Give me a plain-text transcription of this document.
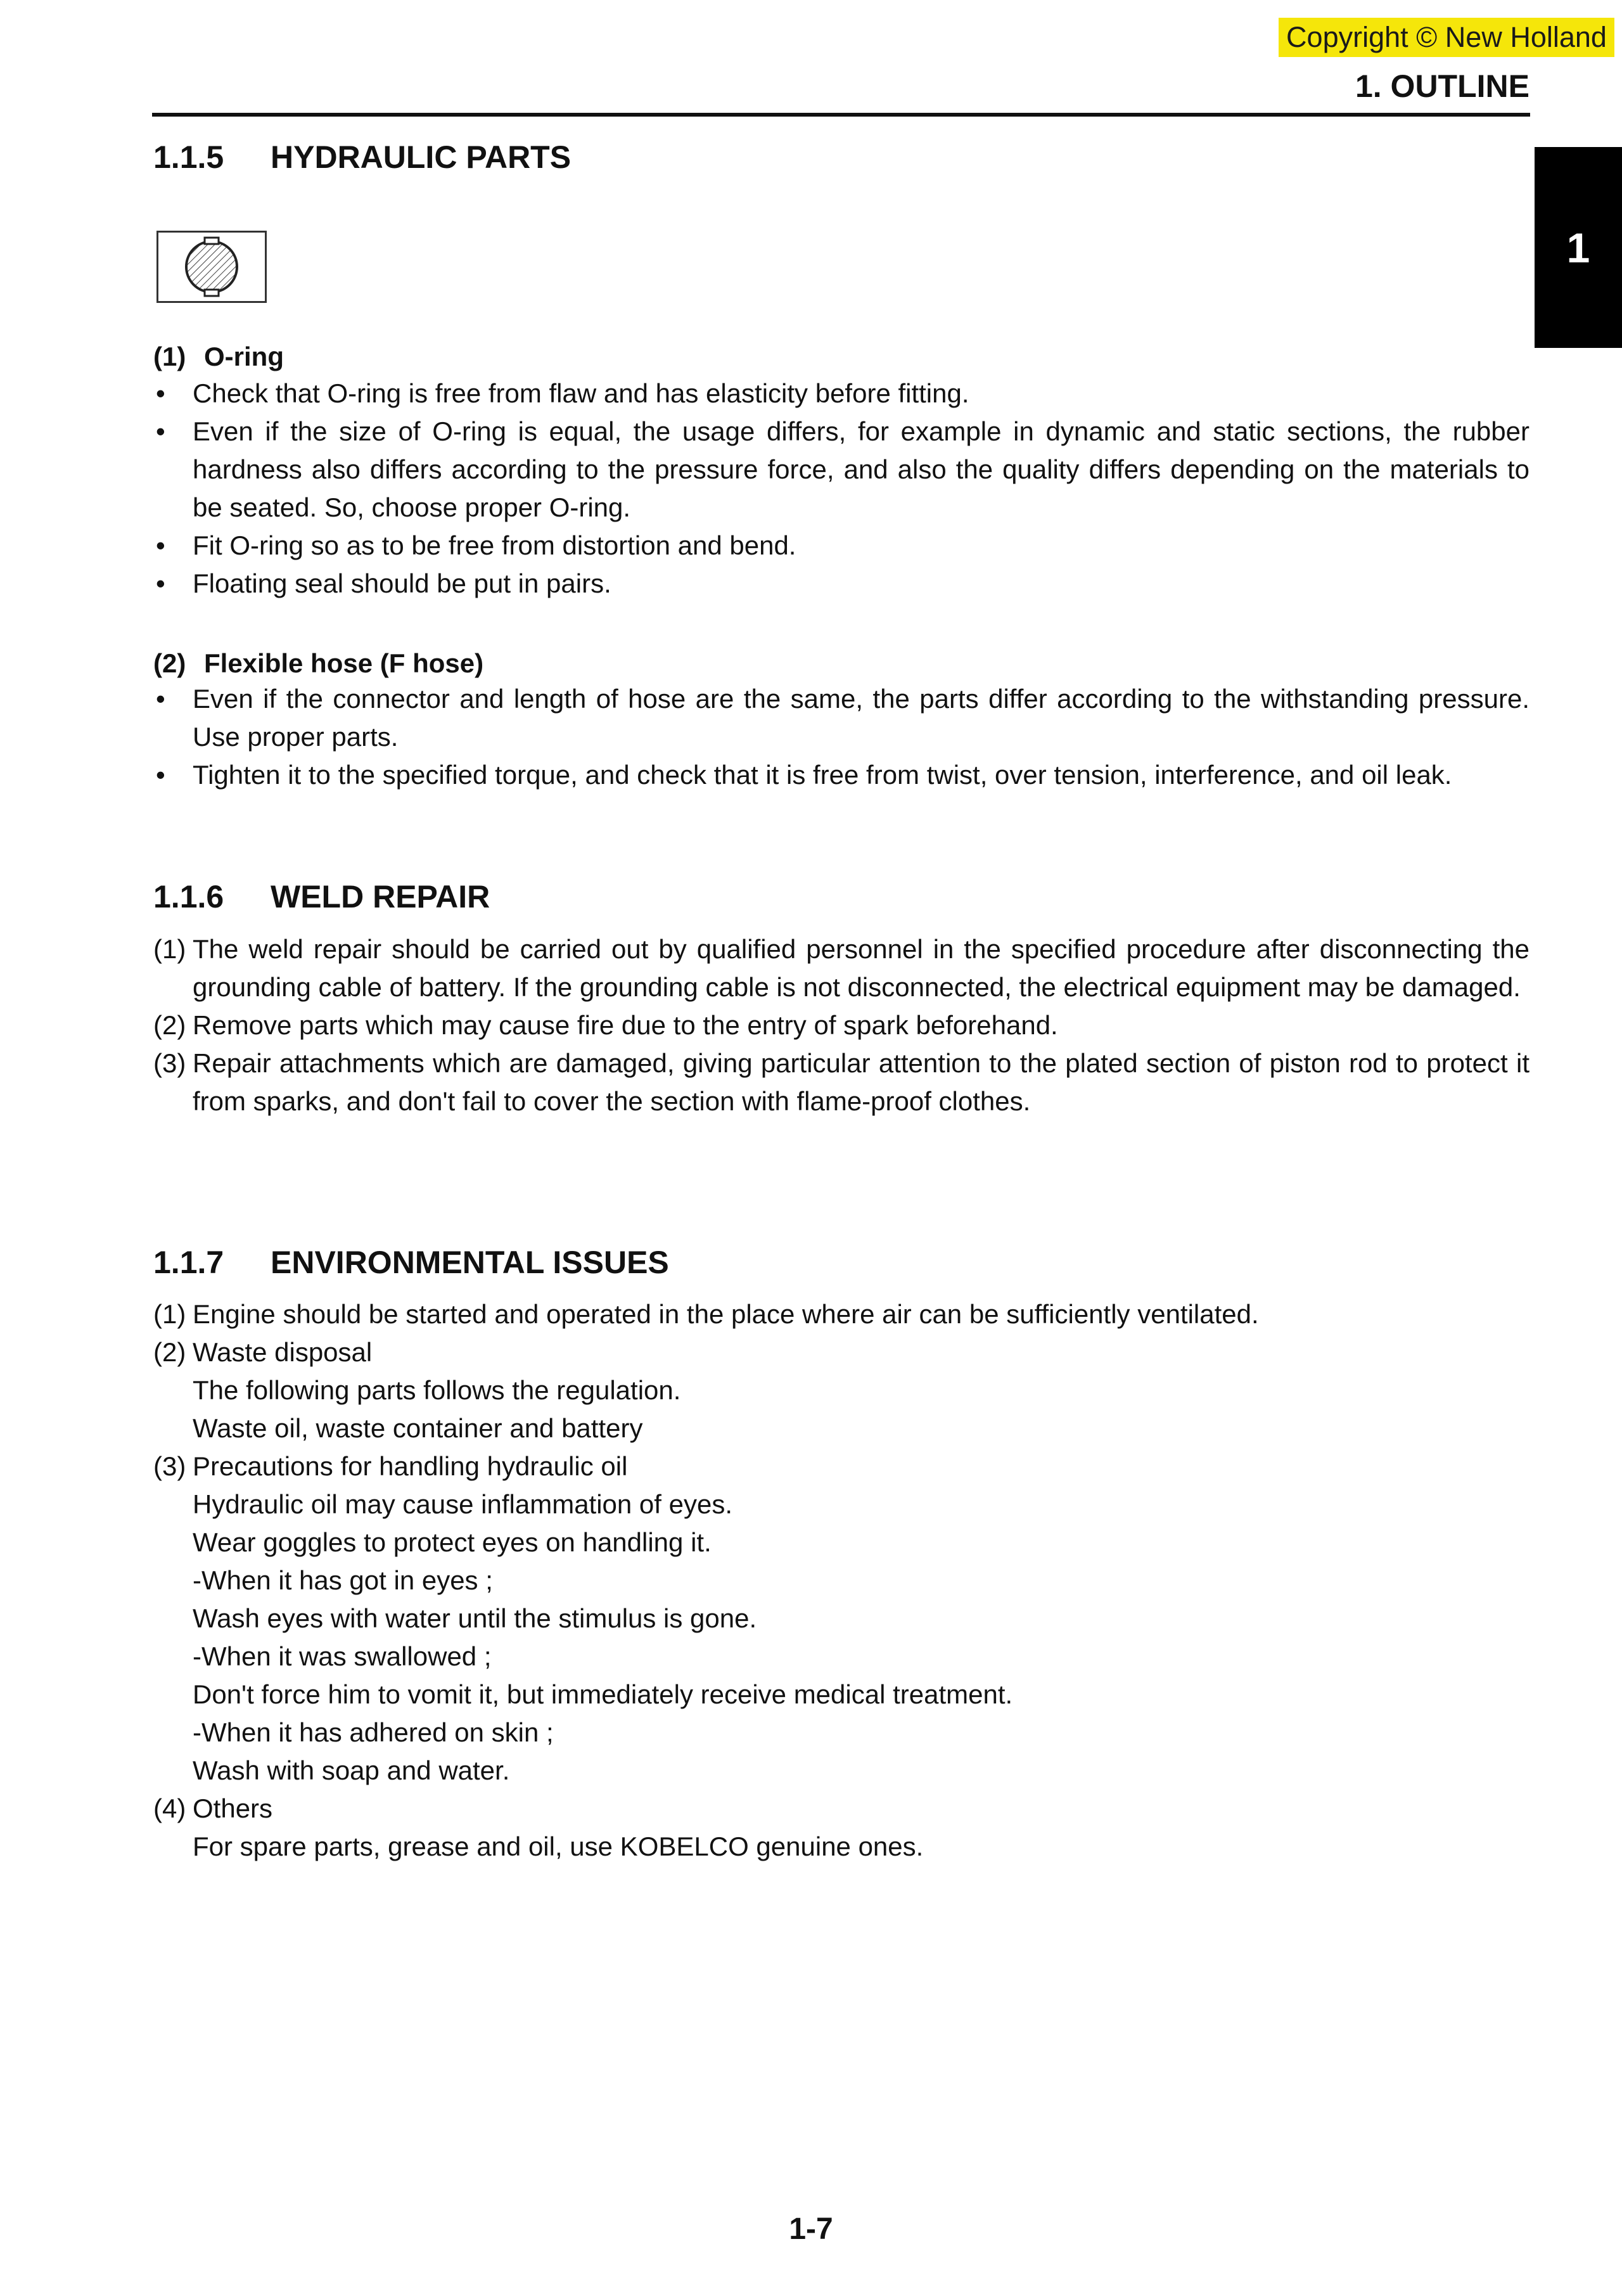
Copyright © New Holland
1. OUTLINE
1
1.1.5 HYDRAULIC PARTS
(1) O-ring
• Check that O-ring is free from flaw and has elasticity before fitting.
• Even if the size of O-ring is equal, the usage differs, for example in dynamic and static sections, the rubber hardness also differs according to the pressure force, and also the quality differs depending on the materials to be seated. So, choose proper O-ring.
• Fit O-ring so as to be free from distortion and bend.
• Floating seal should be put in pairs.
(2) Flexible hose (F hose)
• Even if the connector and length of hose are the same, the parts differ according to the withstanding pressure. Use proper parts.
• Tighten it to the specified torque, and check that it is free from twist, over tension, interference, and oil leak.
1.1.6 WELD REPAIR
(1) The weld repair should be carried out by qualified personnel in the specified procedure after disconnecting the grounding cable of battery. If the grounding cable is not disconnected, the electrical equipment may be damaged.
(2) Remove parts which may cause fire due to the entry of spark beforehand.
(3) Repair attachments which are damaged, giving particular attention to the plated section of piston rod to protect it from sparks, and don't fail to cover the section with flame-proof clothes.
1.1.7 ENVIRONMENTAL ISSUES
(1) Engine should be started and operated in the place where air can be sufficiently ventilated.
(2) Waste disposal
The following parts follows the regulation.
Waste oil, waste container and battery
(3) Precautions for handling hydraulic oil
Hydraulic oil may cause inflammation of eyes.
Wear goggles to protect eyes on handling it.
-When it has got in eyes ;
Wash eyes with water until the stimulus is gone.
-When it was swallowed ;
Don't force him to vomit it, but immediately receive medical treatment.
-When it has adhered on skin ;
Wash with soap and water.
(4) Others
For spare parts, grease and oil, use KOBELCO genuine ones.
1-7
